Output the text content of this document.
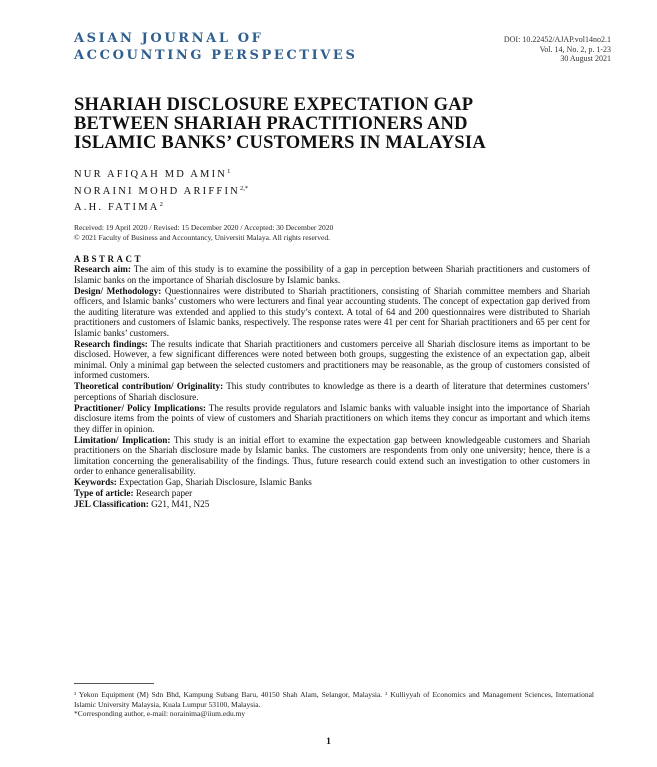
ASIAN JOURNAL OF
ACCOUNTING PERSPECTIVES
DOI: 10.22452/AJAP.vol14no2.1
Vol. 14, No. 2, p. 1-23
30 August 2021
SHARIAH DISCLOSURE EXPECTATION GAP
BETWEEN SHARIAH PRACTITIONERS AND
ISLAMIC BANKS’ CUSTOMERS IN MALAYSIA
NUR AFIQAH MD AMIN$^1$
NORAINI MOHD $ARIFFIN^{2,*}$
A.H. FATIMA$^2$
Received: 19 April 2020 / Revised: 15 December 2020 / Accepted: 30 December 2020
© 2021 Faculty of Business and Accountancy, Universiti Malaya. All rights reserved.
ABSTRACT

Research aim: The aim of this study is to examine the possibility of a gap in perception between Shariah practitioners and customers of Islamic banks on the importance of Shariah disclosure by Islamic banks.

Design/ Methodology: Questionnaires were distributed to Shariah practitioners, consisting of Shariah committee members and Shariah officers, and Islamic banks’ customers who were lecturers and final year accounting students. The concept of expectation gap derived from the auditing literature was extended and applied to this study’s context. A total of 64 and 200 questionnaires were distributed to Shariah practitioners and customers of Islamic banks, respectively. The response rates were 41 per cent for Shariah practitioners and 65 per cent for Islamic banks’ customers.

Research findings: The results indicate that Shariah practitioners and customers perceive all Shariah disclosure items as important to be disclosed. However, a few significant differences were noted between both groups, suggesting the existence of an expectation gap, albeit minimal. Only a minimal gap between the selected customers and practitioners may be reasonable, as the group of customers consisted of informed customers.

Theoretical contribution/ Originality: This study contributes to knowledge as there is a dearth of literature that determines customers’ perceptions of Shariah disclosure.

Practitioner/ Policy Implications: The results provide regulators and Islamic banks with valuable insight into the importance of Shariah disclosure items from the points of view of customers and Shariah practitioners on which items they concur as important and which items they differ in opinion.

Limitation/ Implication: This study is an initial effort to examine the expectation gap between knowledgeable customers and Shariah practitioners on the Shariah disclosure made by Islamic banks. The customers are respondents from only one university; hence, there is a limitation concerning the generalisability of the findings. Thus, future research could extend such an investigation to other customers in order to enhance generalisability.

Keywords: Expectation Gap, Shariah Disclosure, Islamic Banks

Type of article: Research paper

JEL Classification: G21, M41, N25

¹ Yekon Equipment (M) Sdn Bhd, Kampung Subang Baru, 40150 Shah Alam, Selangor, Malaysia. ² Kulliyyah of Economics and Management Sciences, International Islamic University Malaysia, Kuala Lumpur 53100, Malaysia.
*Corresponding author, e-mail: norainima@iium.edu.my
1
